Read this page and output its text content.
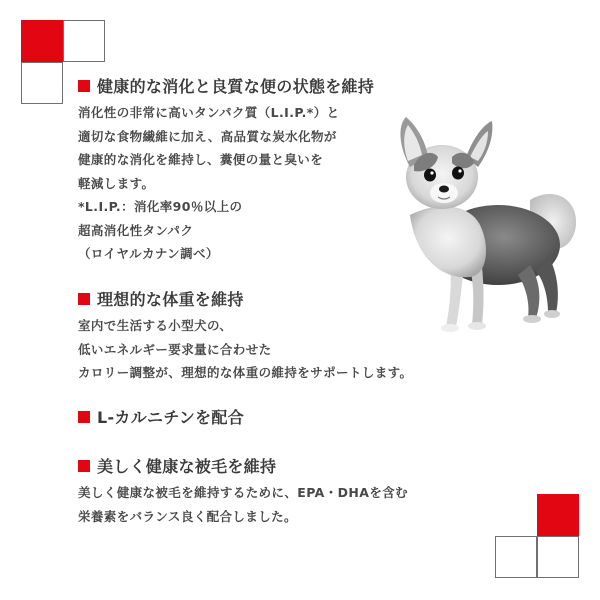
健康的な消化と良質な便の状態を維持
消化性の非常に高いタンパク質（L.I.P.*）と
適切な食物繊維に加え、高品質な炭水化物が
健康的な消化を維持し、糞便の量と臭いを
軽減します。
*L.I.P.：消化率90％以上の
超高消化性タンパク
（ロイヤルカナン調べ）
理想的な体重を維持
室内で生活する小型犬の、
低いエネルギー要求量に合わせた
カロリー調整が、理想的な体重の維持をサポートします。
L-カルニチンを配合
美しく健康な被毛を維持
美しく健康な被毛を維持するために、EPA・DHAを含む
栄養素をバランス良く配合しました。
